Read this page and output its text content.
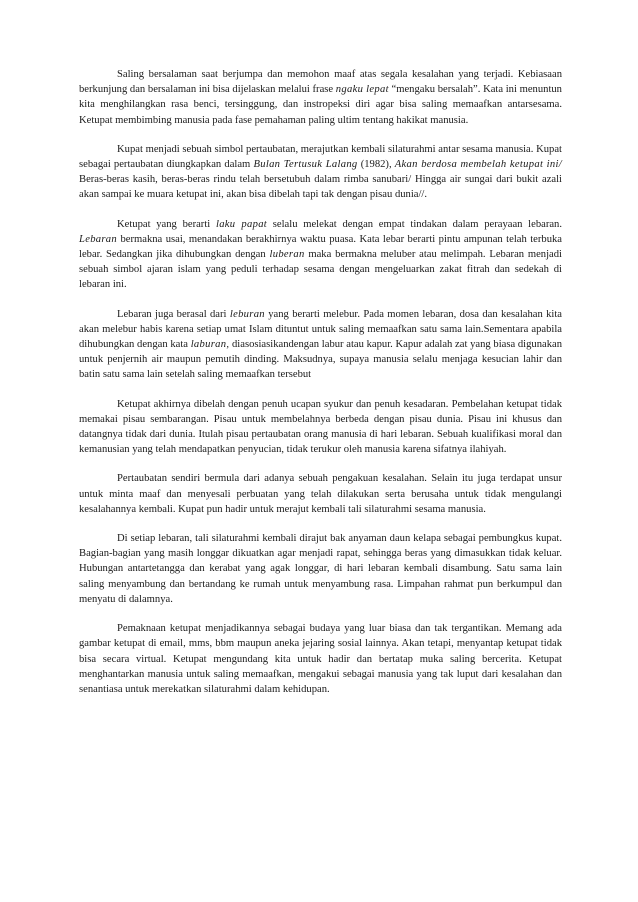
Saling bersalaman saat berjumpa dan memohon maaf atas segala kesalahan yang terjadi. Kebiasaan berkunjung dan bersalaman ini bisa dijelaskan melalui frase ngaku lepat “mengaku bersalah”. Kata ini menuntun kita menghilangkan rasa benci, tersinggung, dan instropeksi diri agar bisa saling memaafkan antarsesama. Ketupat membimbing manusia pada fase pemahaman paling ultim tentang hakikat manusia.

Kupat menjadi sebuah simbol pertaubatan, merajutkan kembali silaturahmi antar sesama manusia. Kupat sebagai pertaubatan diungkapkan dalam Bulan Tertusuk Lalang (1982), Akan berdosa membelah ketupat ini/ Beras-beras kasih, beras-beras rindu telah bersetubuh dalam rimba sanubari/ Hingga air sungai dari bukit azali akan sampai ke muara ketupat ini, akan bisa dibelah tapi tak dengan pisau dunia//.

Ketupat yang berarti laku papat selalu melekat dengan empat tindakan dalam perayaan lebaran. Lebaran bermakna usai, menandakan berakhirnya waktu puasa. Kata lebar berarti pintu ampunan telah terbuka lebar. Sedangkan jika dihubungkan dengan luberan maka bermakna meluber atau melimpah. Lebaran menjadi sebuah simbol ajaran islam yang peduli terhadap sesama dengan mengeluarkan zakat fitrah dan sedekah di lebaran ini.

Lebaran juga berasal dari leburan yang berarti melebur. Pada momen lebaran, dosa dan kesalahan kita akan melebur habis karena setiap umat Islam dituntut untuk saling memaafkan satu sama lain.Sementara apabila dihubungkan dengan kata laburan, diasosiasikandengan labur atau kapur. Kapur adalah zat yang biasa digunakan untuk penjernih air maupun pemutih dinding. Maksudnya, supaya manusia selalu menjaga kesucian lahir dan batin satu sama lain setelah saling memaafkan tersebut

Ketupat akhirnya dibelah dengan penuh ucapan syukur dan penuh kesadaran. Pembelahan ketupat tidak memakai pisau sembarangan. Pisau untuk membelahnya berbeda dengan pisau dunia. Pisau ini khusus dan datangnya tidak dari dunia. Itulah pisau pertaubatan orang manusia di hari lebaran. Sebuah kualifikasi moral dan kemanusian yang telah mendapatkan penyucian, tidak terukur oleh manusia karena sifatnya ilahiyah.

Pertaubatan sendiri bermula dari adanya sebuah pengakuan kesalahan. Selain itu juga terdapat unsur untuk minta maaf dan menyesali perbuatan yang telah dilakukan serta berusaha untuk tidak mengulangi kesalahannya kembali. Kupat pun hadir untuk merajut kembali tali silaturahmi sesama manusia.

Di setiap lebaran, tali silaturahmi kembali dirajut bak anyaman daun kelapa sebagai pembungkus kupat. Bagian-bagian yang masih longgar dikuatkan agar menjadi rapat, sehingga beras yang dimasukkan tidak keluar. Hubungan antartetangga dan kerabat yang agak longgar, di hari lebaran kembali disambung. Satu sama lain saling menyambung dan bertandang ke rumah untuk menyambung rasa. Limpahan rahmat pun berkumpul dan menyatu di dalamnya.

Pemaknaan ketupat menjadikannya sebagai budaya yang luar biasa dan tak tergantikan. Memang ada gambar ketupat di email, mms, bbm maupun aneka jejaring sosial lainnya. Akan tetapi, menyantap ketupat tidak bisa secara virtual. Ketupat mengundang kita untuk hadir dan bertatap muka saling bercerita. Ketupat menghantarkan manusia untuk saling memaafkan, mengakui sebagai manusia yang tak luput dari kesalahan dan senantiasa untuk merekatkan silaturahmi dalam kehidupan.
